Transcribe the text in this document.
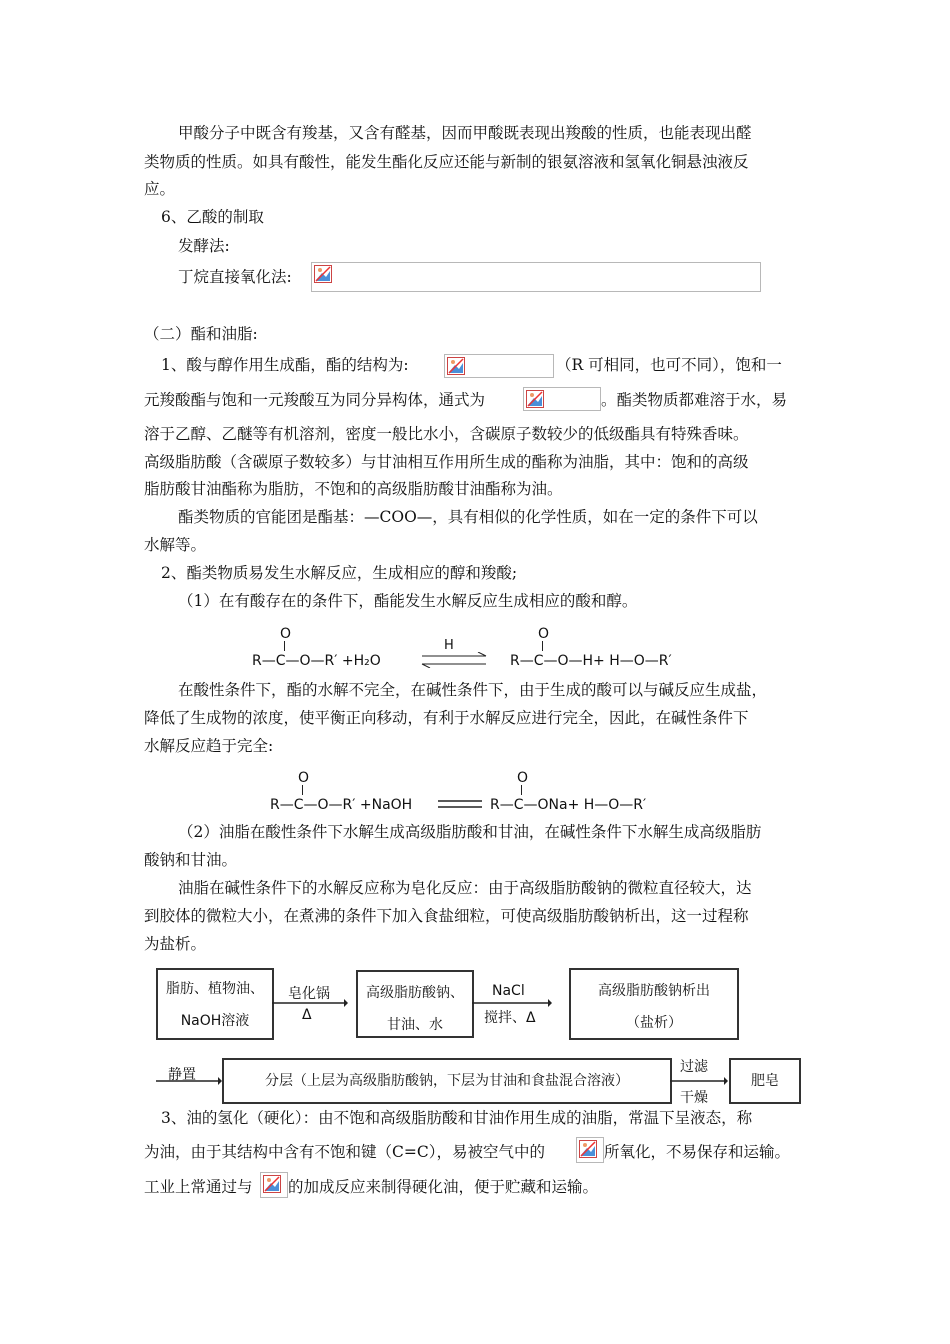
甲酸分子中既含有羧基，又含有醛基，因而甲酸既表现出羧酸的性质，也能表现出醛
类物质的性质。如具有酸性，能发生酯化反应还能与新制的银氨溶液和氢氧化铜悬浊液反
应。
6、乙酸的制取
发酵法:
丁烷直接氧化法:
（二）酯和油脂:
1、酸与醇作用生成酯，酯的结构为:	（R 可相同，也可不同），饱和一
元羧酸酯与饱和一元羧酸互为同分异构体，通式为	。酯类物质都难溶于水，易
溶于乙醇、乙醚等有机溶剂，密度一般比水小，含碳原子数较少的低级酯具有特殊香味。
高级脂肪酸（含碳原子数较多）与甘油相互作用所生成的酯称为油脂，其中：饱和的高级
脂肪酸甘油酯称为脂肪，不饱和的高级脂肪酸甘油酯称为油。
酯类物质的官能团是酯基：—COO—，具有相似的化学性质，如在一定的条件下可以
水解等。
2、酯类物质易发生水解反应，生成相应的醇和羧酸;
（1）在有酸存在的条件下，酯能发生水解反应生成相应的酸和醇。
O
R—C—O—R′ +H₂O
H
O
R—C—O—H+ H—O—R′
在酸性条件下，酯的水解不完全，在碱性条件下，由于生成的酸可以与碱反应生成盐，
降低了生成物的浓度，使平衡正向移动，有利于水解反应进行完全，因此，在碱性条件下
水解反应趋于完全:
O
R—C—O—R′ +NaOH
O
R—C—ONa+ H—O—R′
（2）油脂在酸性条件下水解生成高级脂肪酸和甘油，在碱性条件下水解生成高级脂肪
酸钠和甘油。
油脂在碱性条件下的水解反应称为皂化反应：由于高级脂肪酸钠的微粒直径较大，达
到胶体的微粒大小，在煮沸的条件下加入食盐细粒，可使高级脂肪酸钠析出，这一过程称
为盐析。
脂肪、植物油、
NaOH溶液
皂化锅
Δ
高级脂肪酸钠、
甘油、水
NaCl
搅拌、Δ
高级脂肪酸钠析出
（盐析）
静置	分层（上层为高级脂肪酸钠，下层为甘油和食盐混合溶液）
过滤
干燥
肥皂
3、油的氢化（硬化）：由不饱和高级脂肪酸和甘油作用生成的油脂，常温下呈液态，称
为油，由于其结构中含有不饱和键（C=C），易被空气中的	所氧化，不易保存和运输。
工业上常通过与 的加成反应来制得硬化油，便于贮藏和运输。
